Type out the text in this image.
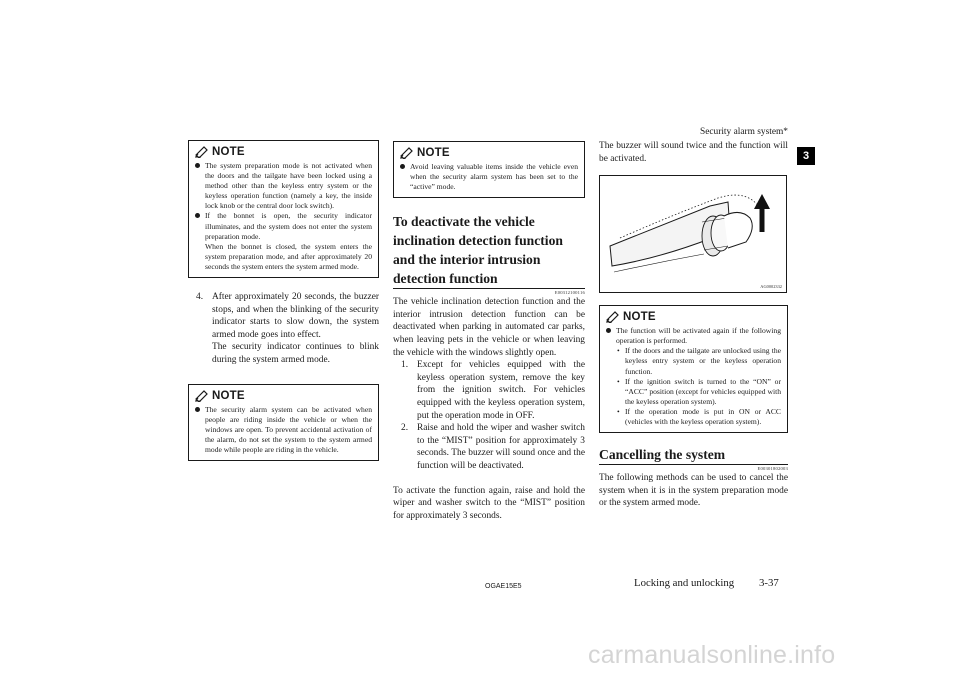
Security alarm system*
3
NOTE
The system preparation mode is not activated when the doors and the tailgate have been locked using a method other than the keyless entry system or the keyless operation function (namely a key, the inside lock knob or the central door lock switch).
If the bonnet is open, the security indicator illuminates, and the system does not enter the system preparation mode.
When the bonnet is closed, the system enters the system preparation mode, and after approximately 20 seconds the system enters the system armed mode.
4. After approximately 20 seconds, the buzzer stops, and when the blinking of the security indicator starts to slow down, the system armed mode goes into effect.
The security indicator continues to blink during the system armed mode.
NOTE
The security alarm system can be activated when people are riding inside the vehicle or when the windows are open. To prevent accidental activation of the alarm, do not set the system to the system armed mode while people are riding in the vehicle.
NOTE
Avoid leaving valuable items inside the vehicle even when the security alarm system has been set to the “active” mode.
To deactivate the vehicle inclination detection function and the interior intrusion detection function
E00312100116
The vehicle inclination detection function and the interior intrusion detection function can be deactivated when parking in automated car parks, when leaving pets in the vehicle or when leaving the vehicle with the windows slightly open.
1. Except for vehicles equipped with the keyless operation system, remove the key from the ignition switch. For vehicles equipped with the keyless operation system, put the operation mode in OFF.
2. Raise and hold the wiper and washer switch to the “MIST” position for approximately 3 seconds. The buzzer will sound once and the function will be deactivated.
To activate the function again, raise and hold the wiper and washer switch to the “MIST” position for approximately 3 seconds.
The buzzer will sound twice and the function will be activated.
AG0002332
NOTE
The function will be activated again if the following operation is performed.
• If the doors and the tailgate are unlocked using the keyless entry system or the keyless operation function.
• If the ignition switch is turned to the “ON” or “ACC” position (except for vehicles equipped with the keyless operation system).
• If the operation mode is put in ON or ACC (vehicles with the keyless operation system).
Cancelling the system
E00301802003
The following methods can be used to cancel the system when it is in the system preparation mode or the system armed mode.
OGAE15E5	Locking and unlocking 3-37
carmanualsonline.info
